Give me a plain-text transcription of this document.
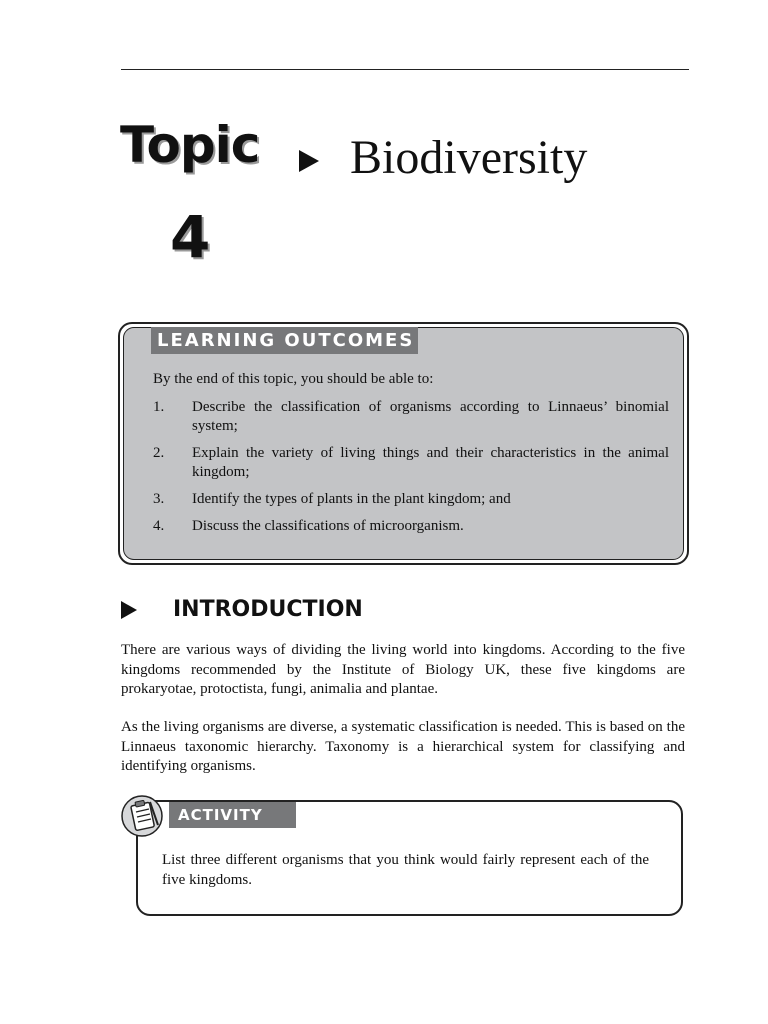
Topic Biodiversity
4
LEARNING OUTCOMES
By the end of this topic, you should be able to:
1.	Describe the classification of organisms according to Linnaeus’ binomial system;
2.	Explain the variety of living things and their characteristics in the animal kingdom;
3.	Identify the types of plants in the plant kingdom; and
4.	Discuss the classifications of microorganism.
INTRODUCTION

There are various ways of dividing the living world into kingdoms. According to the five kingdoms recommended by the Institute of Biology UK, these five kingdoms are prokaryotae, protoctista, fungi, animalia and plantae.

As the living organisms are diverse, a systematic classification is needed. This is based on the Linnaeus taxonomic hierarchy. Taxonomy is a hierarchical system for classifying and identifying organisms.

ACTIVITY 4.1

List three different organisms that you think would fairly represent each of the five kingdoms.
